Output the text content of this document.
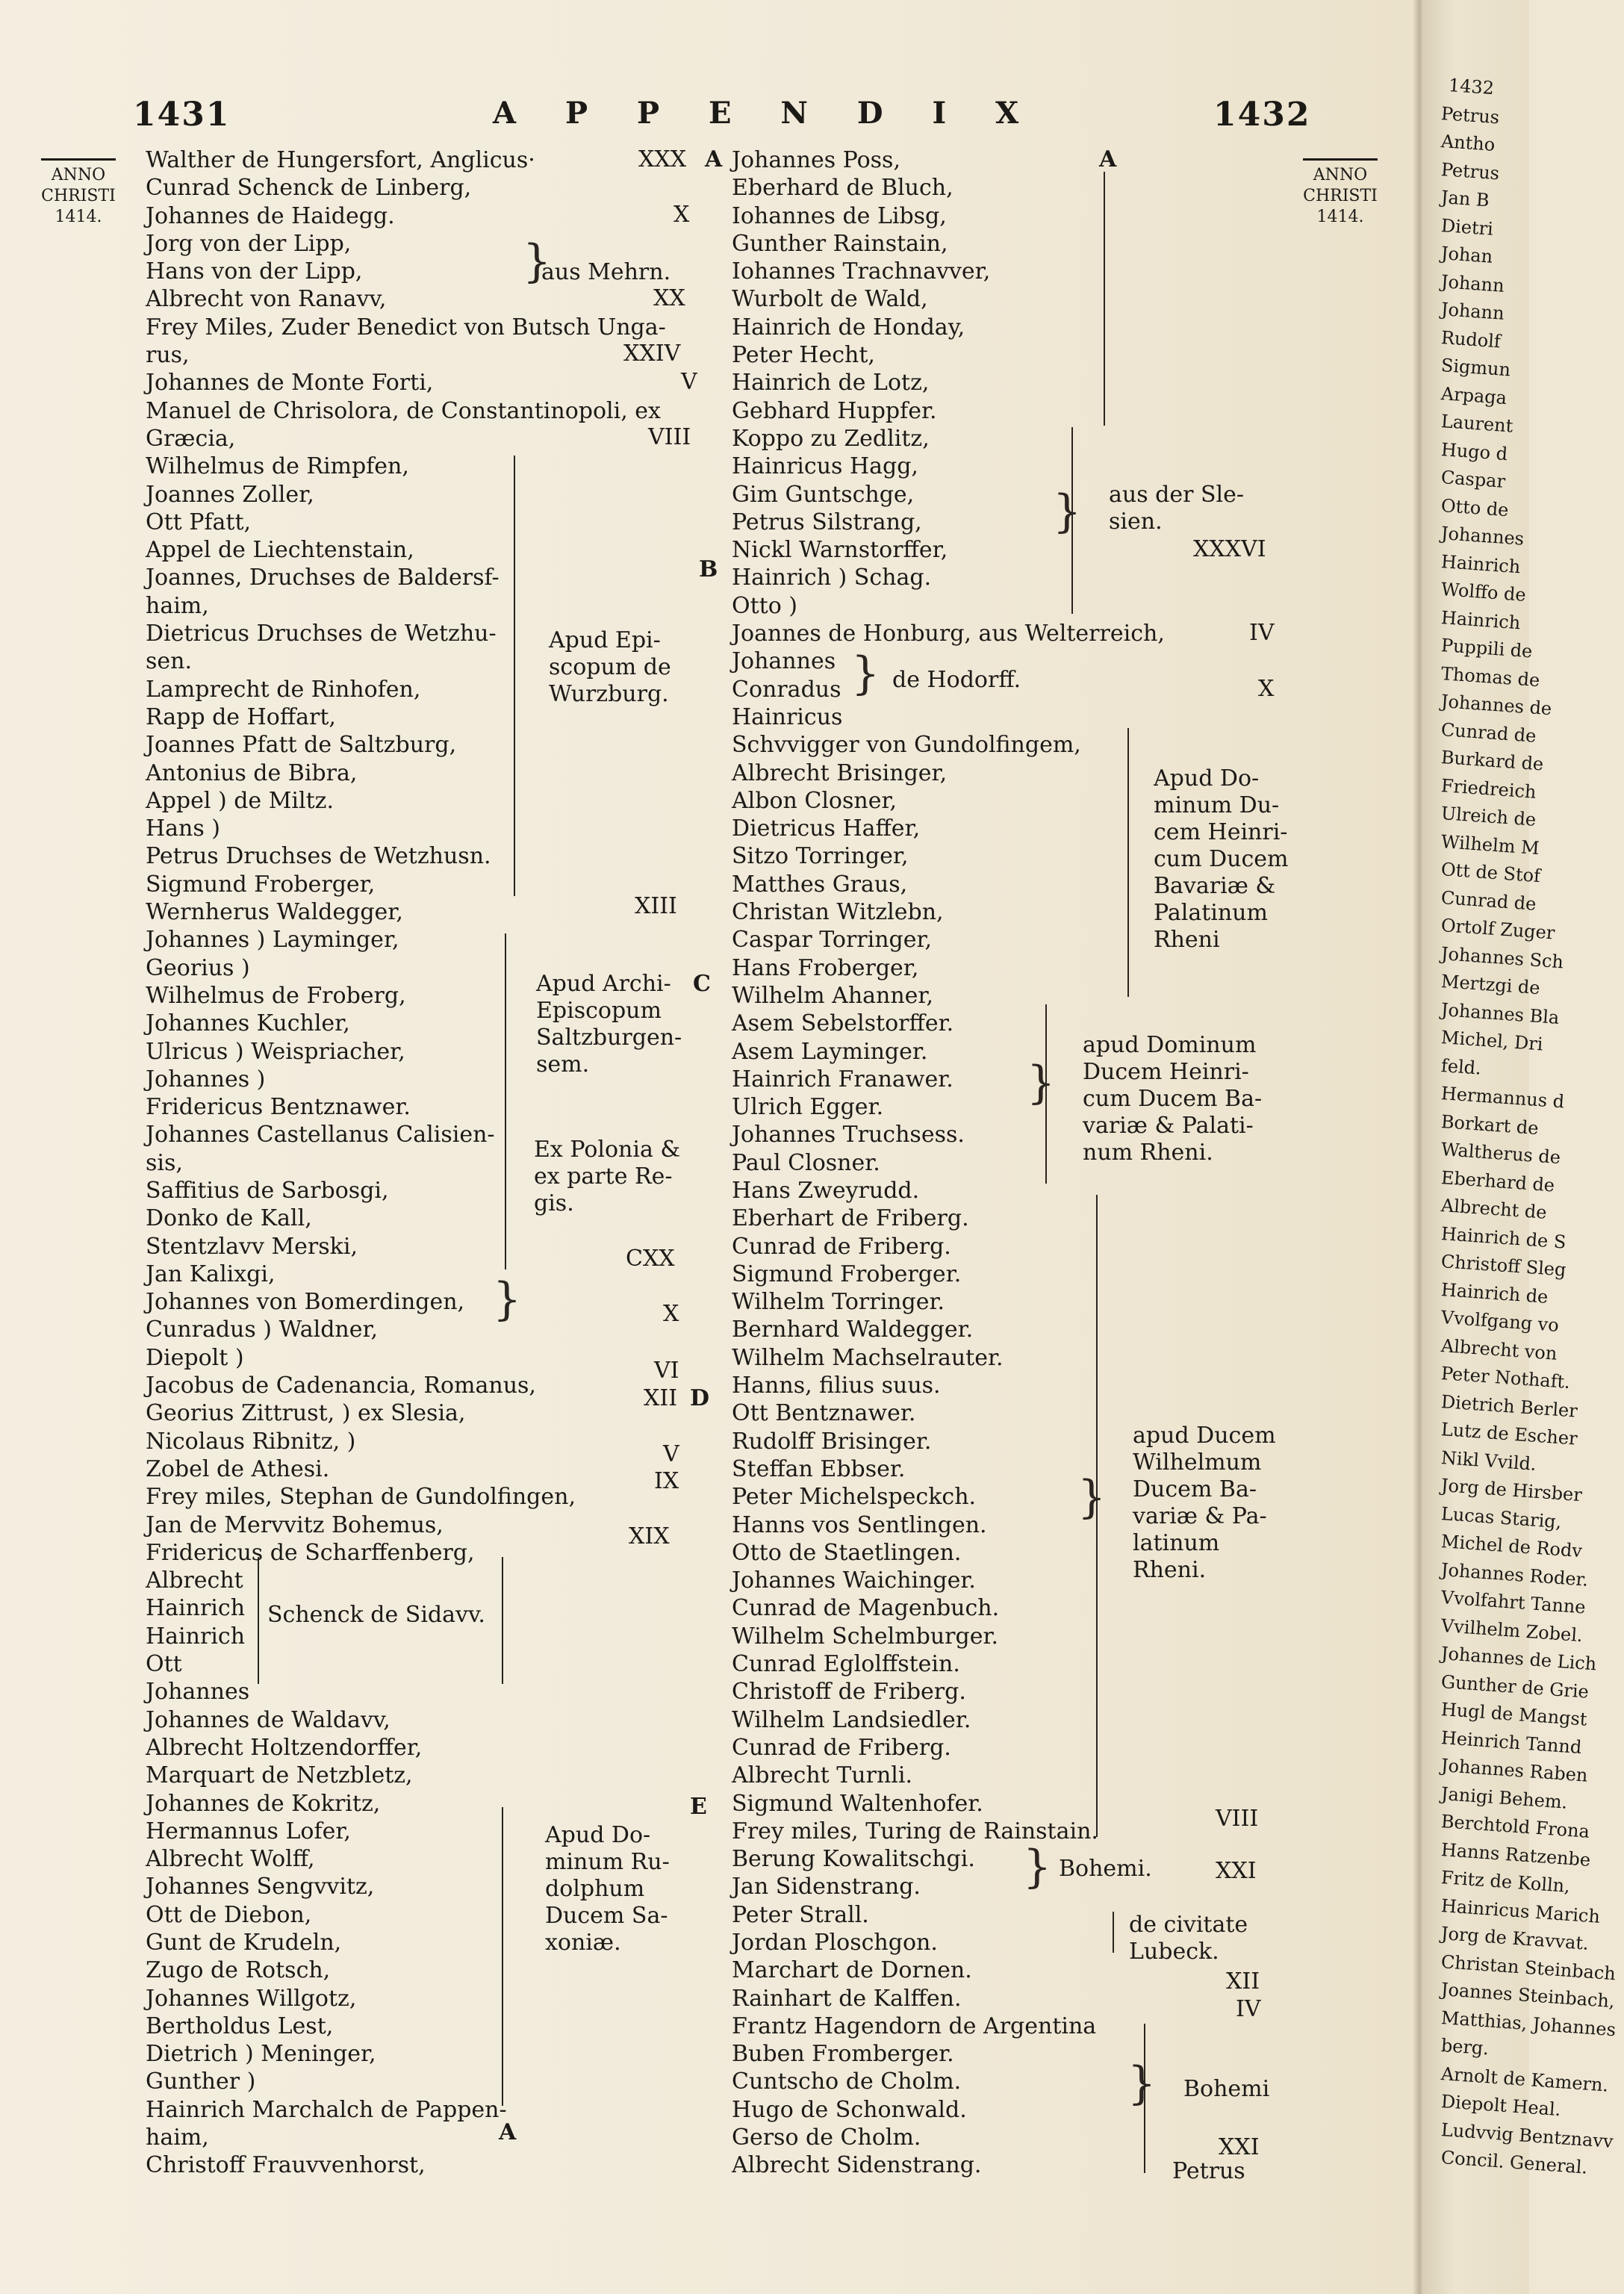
1431	A P P E N D I X	1432
ANNO
CHRISTI
1414.
ANNO
CHRISTI
1414.
Walther de Hungersfort, Anglicus·
Cunrad Schenck de Linberg,
Johannes de Haidegg.
Jorg von der Lipp,
Hans von der Lipp,
Albrecht von Ranavv,
Frey Miles, Zuder Benedict von Butsch Unga-
rus,
Johannes de Monte Forti,
Manuel de Chrisolora, de Constantinopoli, ex
Græcia,
Wilhelmus de Rimpfen,
Joannes Zoller,
Ott Pfatt,
Appel de Liechtenstain,
Joannes, Druchses de Baldersf-
haim,
Dietricus Druchses de Wetzhu-
sen.
Lamprecht de Rinhofen,
Rapp de Hoffart,
Joannes Pfatt de Saltzburg,
Antonius de Bibra,
Appel ) de Miltz.
Hans )
Petrus Druchses de Wetzhusn.
Sigmund Froberger,
Wernherus Waldegger,
Johannes ) Layminger,
Georius )
Wilhelmus de Froberg,
Johannes Kuchler,
Ulricus ) Weispriacher,
Johannes )
Fridericus Bentznawer.
Johannes Castellanus Calisien-
sis,
Saffitius de Sarbosgi,
Donko de Kall,
Stentzlavv Merski,
Jan Kalixgi,
Johannes von Bomerdingen,
Cunradus ) Waldner,
Diepolt )
Jacobus de Cadenancia, Romanus,
Georius Zittrust, ) ex Slesia,
Nicolaus Ribnitz, )
Zobel de Athesi.
Frey miles, Stephan de Gundolfingen,
Jan de Mervvitz Bohemus,
Fridericus de Scharffenberg,
Albrecht
Hainrich
Hainrich
Ott
Johannes
Johannes de Waldavv,
Albrecht Holtzendorffer,
Marquart de Netzbletz,
Johannes de Kokritz,
Hermannus Lofer,
Albrecht Wolff,
Johannes Sengvvitz,
Ott de Diebon,
Gunt de Krudeln,
Zugo de Rotsch,
Johannes Willgotz,
Bertholdus Lest,
Dietrich ) Meninger,
Gunther )
Hainrich Marchalch de Pappen-
haim,
Christoff Frauvvenhorst,
aus Mehrn.
Apud Epi-
scopum de
Wurzburg.
Apud Archi-
Episcopum
Saltzburgen-
sem.
Ex Polonia &
ex parte Re-
gis.
Schenck de Sidavv.
Apud Do-
minum Ru-
dolphum
Ducem Sa-
xoniæ.
}
}
XXX
X
XX
XXIV
V
VIII
XIII
CXX
X
VI
XII
V
IX
XIX
A
B
C
D
E
A
Johannes Poss,
Eberhard de Bluch,
Iohannes de Libsg,
Gunther Rainstain,
Iohannes Trachnavver,
Wurbolt de Wald,
Hainrich de Honday,
Peter Hecht,
Hainrich de Lotz,
Gebhard Huppfer.
Koppo zu Zedlitz,
Hainricus Hagg,
Gim Guntschge,
Petrus Silstrang,
Nickl Warnstorffer,
Hainrich ) Schag.
Otto )
Joannes de Honburg, aus Welterreich,
Johannes
Conradus
Hainricus
Schvvigger von Gundolfingem,
Albrecht Brisinger,
Albon Closner,
Dietricus Haffer,
Sitzo Torringer,
Matthes Graus,
Christan Witzlebn,
Caspar Torringer,
Hans Froberger,
Wilhelm Ahanner,
Asem Sebelstorffer.
Asem Layminger.
Hainrich Franawer.
Ulrich Egger.
Johannes Truchsess.
Paul Closner.
Hans Zweyrudd.
Eberhart de Friberg.
Cunrad de Friberg.
Sigmund Froberger.
Wilhelm Torringer.
Bernhard Waldegger.
Wilhelm Machselrauter.
Hanns, filius suus.
Ott Bentznawer.
Rudolff Brisinger.
Steffan Ebbser.
Peter Michelspeckch.
Hanns vos Sentlingen.
Otto de Staetlingen.
Johannes Waichinger.
Cunrad de Magenbuch.
Wilhelm Schelmburger.
Cunrad Eglolffstein.
Christoff de Friberg.
Wilhelm Landsiedler.
Cunrad de Friberg.
Albrecht Turnli.
Sigmund Waltenhofer.
Frey miles, Turing de Rainstain.
Berung Kowalitschgi.
Jan Sidenstrang.
Peter Strall.
Jordan Ploschgon.
Marchart de Dornen.
Rainhart de Kalffen.
Frantz Hagendorn de Argentina
Buben Fromberger.
Cuntscho de Cholm.
Hugo de Schonwald.
Gerso de Cholm.
Albrecht Sidenstrang.
aus der Sle-
sien.
de Hodorff.
Apud Do-
minum Du-
cem Heinri-
cum Ducem
Bavariæ &
Palatinum
Rheni
apud Dominum
Ducem Heinri-
cum Ducem Ba-
variæ & Palati-
num Rheni.
apud Ducem
Wilhelmum
Ducem Ba-
variæ & Pa-
latinum
Rheni.
Bohemi.
de civitate
Lubeck.
Bohemi
Petrus
}
}
}
}
}
}
A
XXXVI
IV
X
VIII
XXI
XII
IV
XXI
1432
Petrus
Antho
Petrus
Jan B
Dietri
Johan
Johann
Johann
Rudolf
Sigmun
Arpaga
Laurent
Hugo d
Caspar
Otto de
Johannes
Hainrich
Wolffo de
Hainrich
Puppili de
Thomas de
Johannes de
Cunrad de
Burkard de
Friedreich
Ulreich de
Wilhelm M
Ott de Stof
Cunrad de
Ortolf Zuger
Johannes Sch
Mertzgi de
Johannes Bla
Michel, Dri
feld.
Hermannus d
Borkart de
Waltherus de
Eberhard de
Albrecht de
Hainrich de S
Christoff Sleg
Hainrich de
Vvolfgang vo
Albrecht von
Peter Nothaft.
Dietrich Berler
Lutz de Escher
Nikl Vvild.
Jorg de Hirsber
Lucas Starig,
Michel de Rodv
Johannes Roder.
Vvolfahrt Tanne
Vvilhelm Zobel.
Johannes de Lich
Gunther de Grie
Hugl de Mangst
Heinrich Tannd
Johannes Raben
Janigi Behem.
Berchtold Frona
Hanns Ratzenbe
Fritz de Kolln,
Hainricus Marich
Jorg de Kravvat.
Christan Steinbach
Joannes Steinbach,
Matthias, Johannes
berg.
Arnolt de Kamern.
Diepolt Heal.
Ludvvig Bentznavv
Concil. General.
